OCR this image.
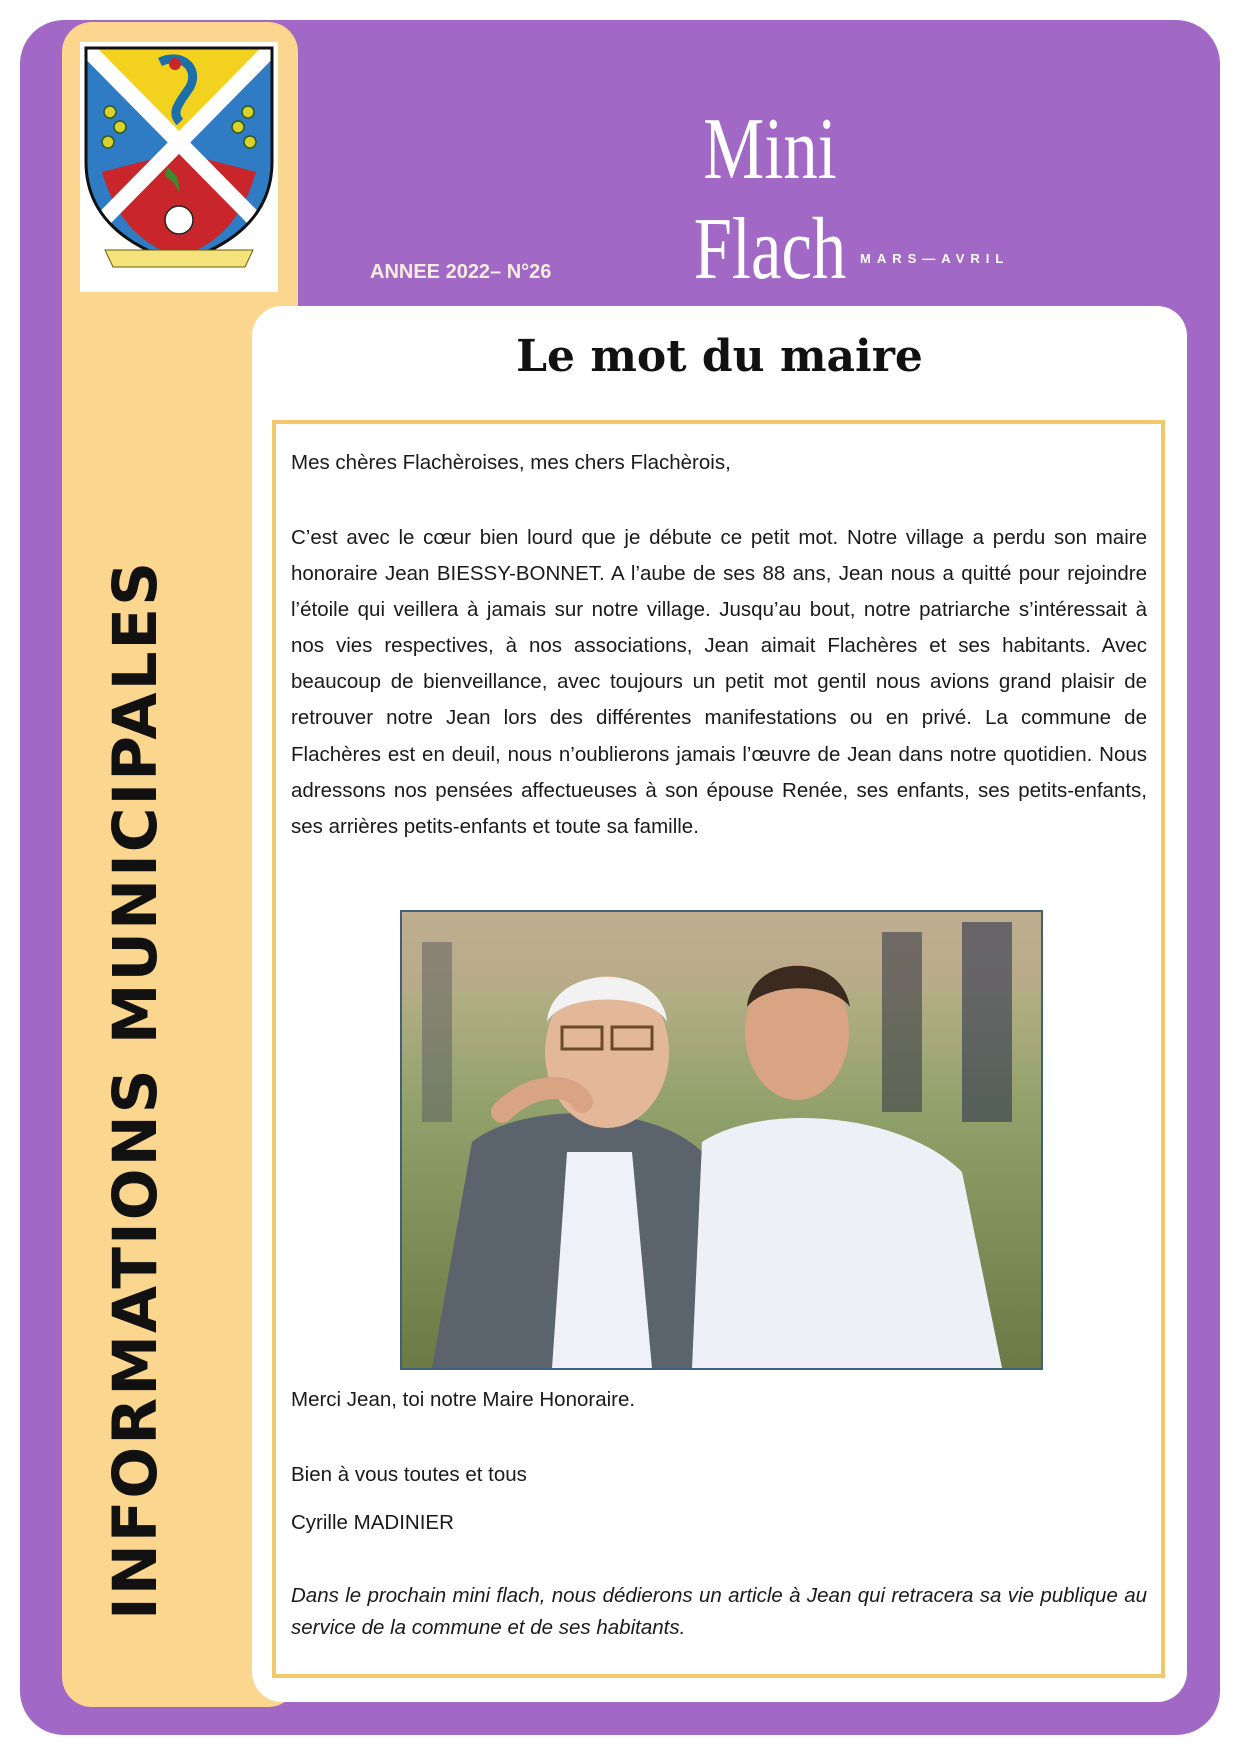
INFORMATIONS MUNICIPALES
Mini Flach	MARS—AVRIL
ANNEE 2022– N°26
Le mot du maire
Mes chères Flachèroises, mes chers Flachèrois,
C’est avec le cœur bien lourd que je débute ce petit mot. Notre village a perdu son maire honoraire Jean BIESSY-BONNET. A l’aube de ses 88 ans, Jean nous a quitté pour rejoindre l’étoile qui veillera à jamais sur notre village. Jusqu’au bout, notre patriarche s’intéressait à nos vies respectives, à nos associations, Jean aimait Flachères et ses habitants. Avec beaucoup de bienveillance, avec toujours un petit mot gentil nous avions grand plaisir de retrouver notre Jean lors des différentes manifestations ou en privé. La commune de Flachères est en deuil, nous n’oublierons jamais l’œuvre de Jean dans notre quotidien. Nous adressons nos pensées affectueuses à son épouse Renée, ses enfants, ses petits-enfants, ses arrières petits-enfants et toute sa famille.
Merci Jean, toi notre Maire Honoraire.
Bien à vous toutes et tous
Cyrille MADINIER
Dans le prochain mini flach, nous dédierons un article à Jean qui retracera sa vie publique au service de la commune et de ses habitants.
